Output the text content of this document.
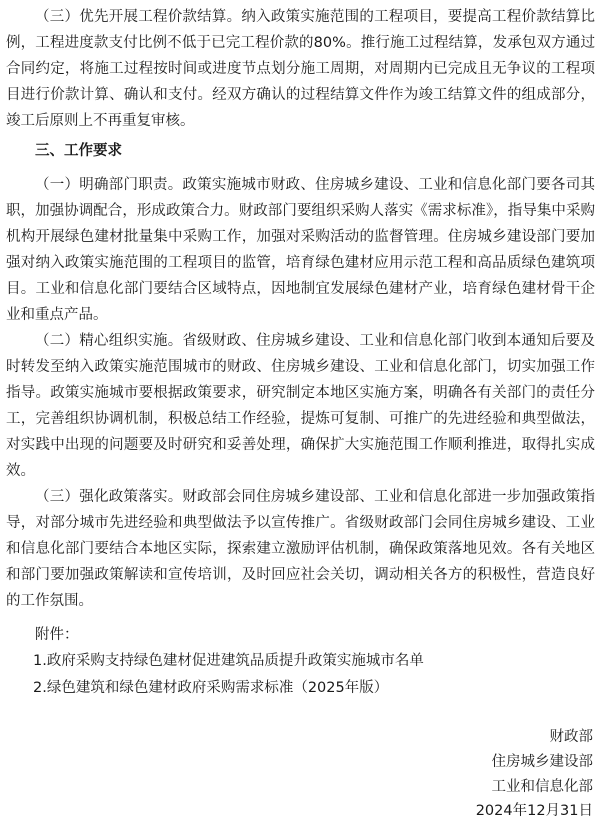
（三）优先开展工程价款结算。纳入政策实施范围的工程项目，要提高工程价款结算比例，工程进度款支付比例不低于已完工程价款的80%。推行施工过程结算，发承包双方通过合同约定，将施工过程按时间或进度节点划分施工周期，对周期内已完成且无争议的工程项目进行价款计算、确认和支付。经双方确认的过程结算文件作为竣工结算文件的组成部分，竣工后原则上不再重复审核。

三、工作要求

（一）明确部门职责。政策实施城市财政、住房城乡建设、工业和信息化部门要各司其职，加强协调配合，形成政策合力。财政部门要组织采购人落实《需求标准》，指导集中采购机构开展绿色建材批量集中采购工作，加强对采购活动的监督管理。住房城乡建设部门要加强对纳入政策实施范围的工程项目的监管，培育绿色建材应用示范工程和高品质绿色建筑项目。工业和信息化部门要结合区域特点，因地制宜发展绿色建材产业，培育绿色建材骨干企业和重点产品。

（二）精心组织实施。省级财政、住房城乡建设、工业和信息化部门收到本通知后要及时转发至纳入政策实施范围城市的财政、住房城乡建设、工业和信息化部门，切实加强工作指导。政策实施城市要根据政策要求，研究制定本地区实施方案，明确各有关部门的责任分工，完善组织协调机制，积极总结工作经验，提炼可复制、可推广的先进经验和典型做法，对实践中出现的问题要及时研究和妥善处理，确保扩大实施范围工作顺利推进，取得扎实成效。

（三）强化政策落实。财政部会同住房城乡建设部、工业和信息化部进一步加强政策指导，对部分城市先进经验和典型做法予以宣传推广。省级财政部门会同住房城乡建设、工业和信息化部门要结合本地区实际，探索建立激励评估机制，确保政策落地见效。各有关地区和部门要加强政策解读和宣传培训，及时回应社会关切，调动相关各方的积极性，营造良好的工作氛围。

附件：

1.政府采购支持绿色建材促进建筑品质提升政策实施城市名单

2.绿色建筑和绿色建材政府采购需求标准（2025年版）

财政部

住房城乡建设部

工业和信息化部

2024年12月31日
